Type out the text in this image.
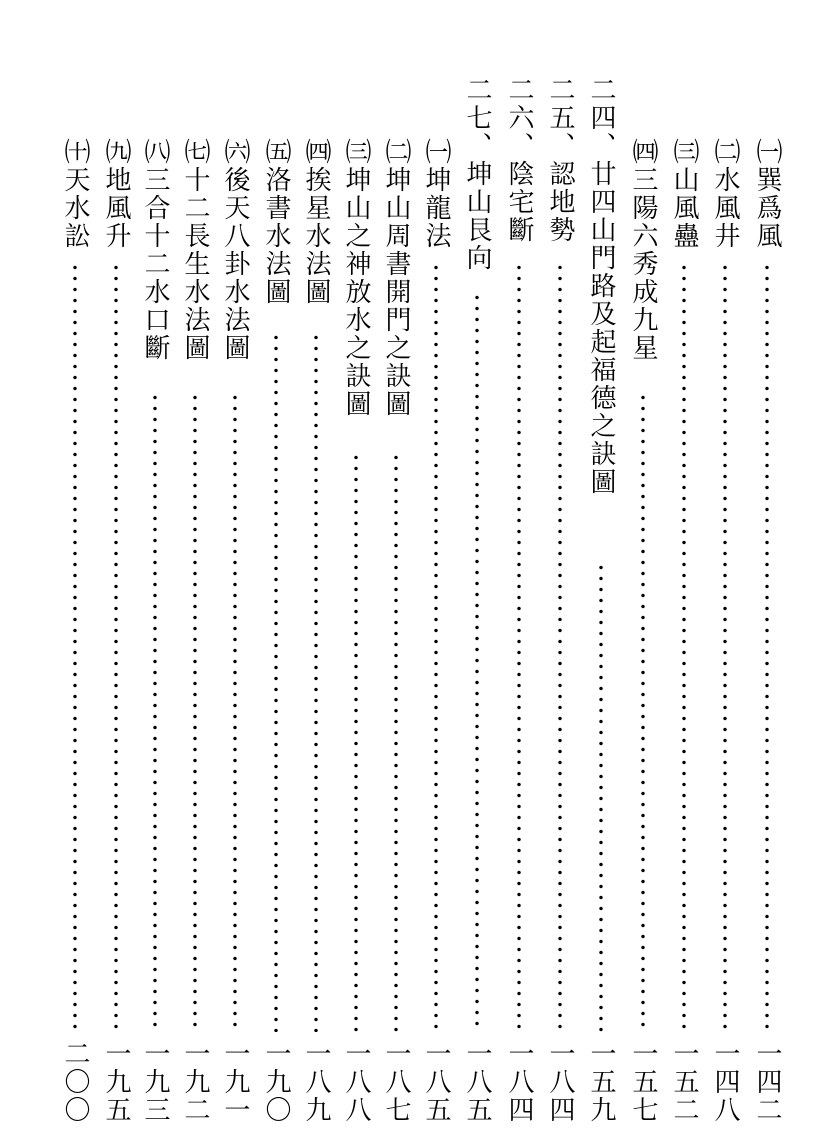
㈩
天水訟
㈨
地風升
㈧
三合十二水口斷
㈦
十二長生水法圖
㈥
後天八卦水法圖
㈤
洛書水法圖
㈣
挨星水法圖
㈢
坤山之神放水之訣圖
㈡
坤山周書開門之訣圖
㈠
坤龍法
二七、
坤山艮向
二六、
陰宅斷
二五、
認地勢
二四、
廿四山門路及起福德之訣圖
㈣
三陽六秀成九星
㈢
山風蠱
㈡
水風井
㈠
巽爲風
二〇〇 一九五 一九三 一九二 一九一 一九〇 一八九 一八八 一八七 一八五 一八五 一八四 一八四 一五九 一五七 一五二 一四八 一四二
